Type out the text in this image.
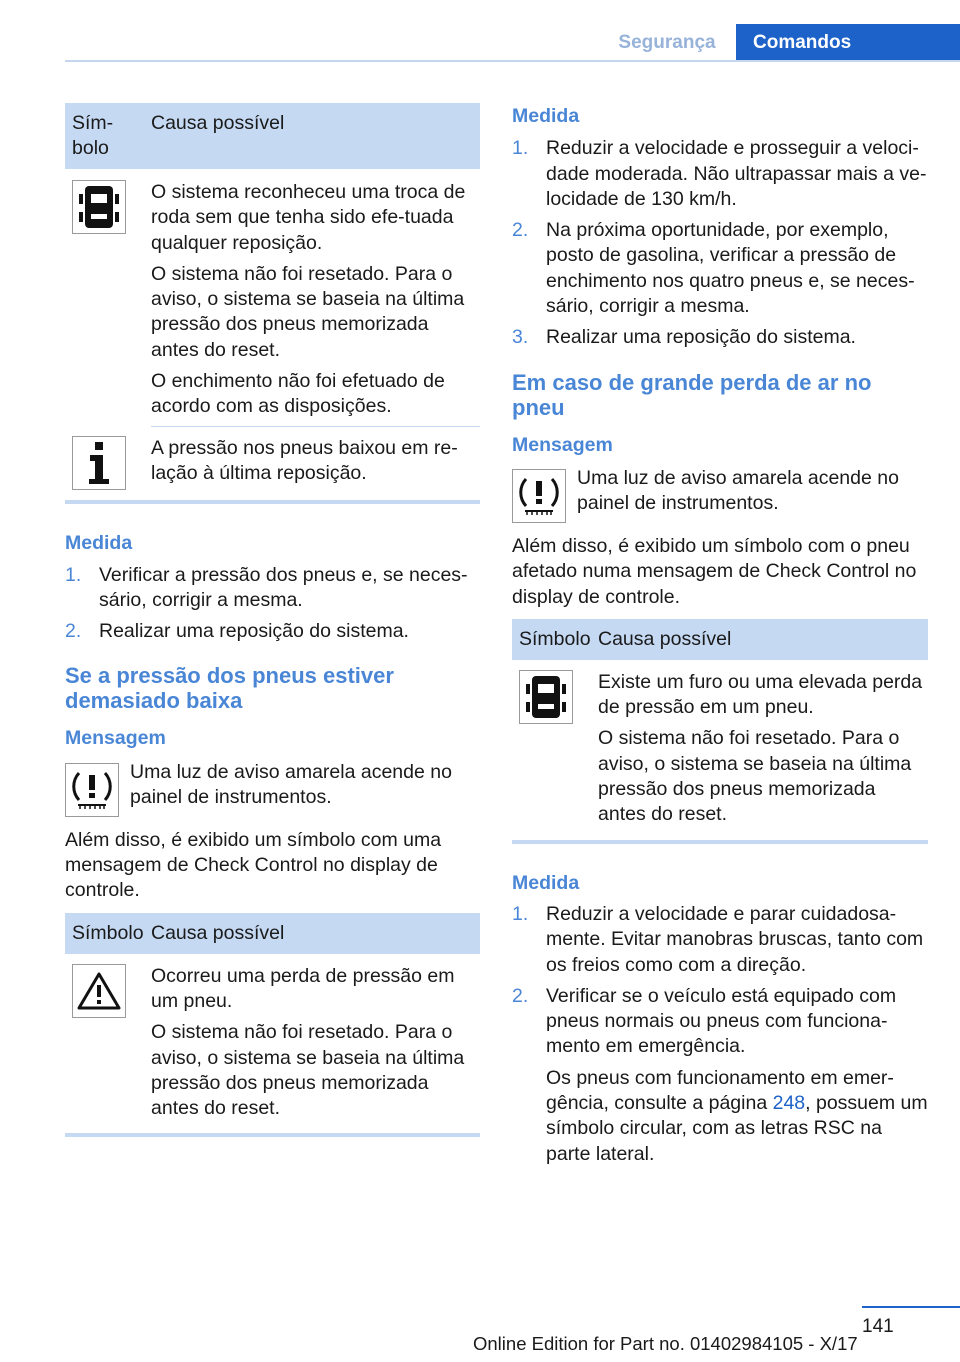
Segurança	Comandos
Sím-
bolo
Causa possível

O sistema reconheceu uma troca de roda sem que tenha sido efe-tuada qualquer reposição.

O sistema não foi resetado. Para o aviso, o sistema se baseia na última pressão dos pneus memorizada antes do reset.

O enchimento não foi efetuado de acordo com as disposições.

A pressão nos pneus baixou em re-lação à última reposição.

Medida

1. Verificar a pressão dos pneus e, se neces-sário, corrigir a mesma.
2. Realizar uma reposição do sistema.

Se a pressão dos pneus estiver demasiado baixa

Mensagem

Uma luz de aviso amarela acende no painel de instrumentos.

Além disso, é exibido um símbolo com uma mensagem de Check Control no display de controle.

Símbolo Causa possível

Ocorreu uma perda de pressão em um pneu.

O sistema não foi resetado. Para o aviso, o sistema se baseia na última pressão dos pneus memorizada antes do reset.

Medida

1. Reduzir a velocidade e prosseguir a veloci-dade moderada. Não ultrapassar mais a ve-locidade de 130 km/h.
2. Na próxima oportunidade, por exemplo, posto de gasolina, verificar a pressão de enchimento nos quatro pneus e, se neces-sário, corrigir a mesma.
3. Realizar uma reposição do sistema.

Em caso de grande perda de ar no pneu

Mensagem

Uma luz de aviso amarela acende no painel de instrumentos.

Além disso, é exibido um símbolo com o pneu afetado numa mensagem de Check Control no display de controle.

Símbolo Causa possível

Existe um furo ou uma elevada perda de pressão em um pneu.

O sistema não foi resetado. Para o aviso, o sistema se baseia na última pressão dos pneus memorizada antes do reset.

Medida

1. Reduzir a velocidade e parar cuidadosa-mente. Evitar manobras bruscas, tanto com os freios como com a direção.
2. Verificar se o veículo está equipado com pneus normais ou pneus com funciona-mento em emergência.

Os pneus com funcionamento em emer-gência, consulte a página 248, possuem um símbolo circular, com as letras RSC na parte lateral.

141
Online Edition for Part no. 01402984105 - X/17
